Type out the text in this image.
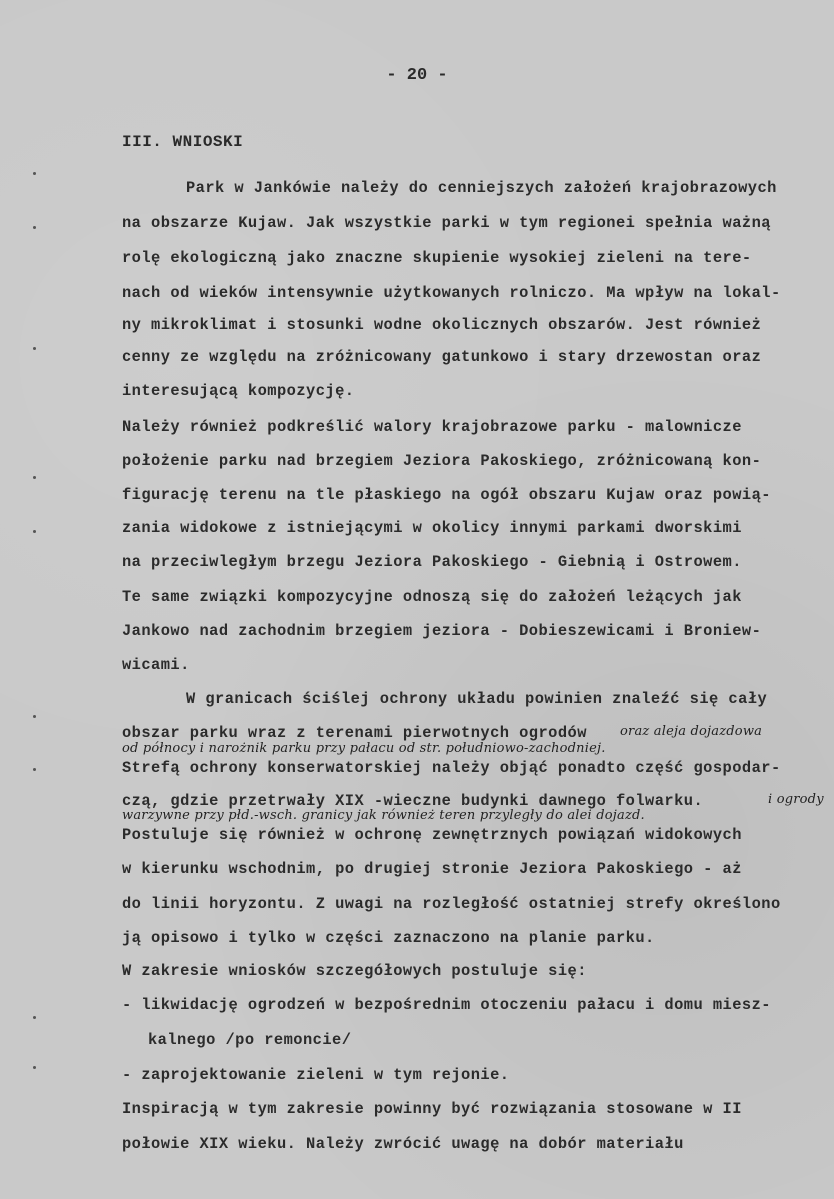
- 20 -
III. WNIOSKI
Park w Jankówie należy do cenniejszych założeń krajobrazowych
na obszarze Kujaw. Jak wszystkie parki w tym regionei spełnia ważną
rolę ekologiczną jako znaczne skupienie wysokiej zieleni na tere-
nach od wieków intensywnie użytkowanych rolniczo. Ma wpływ na lokal-
ny mikroklimat i stosunki wodne okolicznych obszarów. Jest również
cenny ze względu na zróżnicowany gatunkowo i stary drzewostan oraz
interesującą kompozycję.
Należy również podkreślić walory krajobrazowe parku - malownicze
położenie parku nad brzegiem Jeziora Pakoskiego, zróżnicowaną kon-
figurację terenu na tle płaskiego na ogół obszaru Kujaw oraz powią-
zania widokowe z istniejącymi w okolicy innymi parkami dworskimi
na przeciwległym brzegu Jeziora Pakoskiego - Giebnią i Ostrowem.
Te same związki kompozycyjne odnoszą się do założeń leżących jak
Jankowo nad zachodnim brzegiem jeziora - Dobieszewicami i Broniew-
wicami.
W granicach ściślej ochrony układu powinien znaleźć się cały
obszar parku wraz z terenami pierwotnych ogrodów	oraz aleja dojazdowa
od północy i narożnik parku przy pałacu od str. południowo-zachodniej.
Strefą ochrony konserwatorskiej należy objąć ponadto część gospodar-
czą, gdzie przetrwały XIX -wieczne budynki dawnego folwarku.	i ogrody
warzywne przy płd.-wsch. granicy jak również teren przyległy do alei dojazd.
Postuluje się również w ochronę zewnętrznych powiązań widokowych
w kierunku wschodnim, po drugiej stronie Jeziora Pakoskiego - aż
do linii horyzontu. Z uwagi na rozległość ostatniej strefy określono
ją opisowo i tylko w części zaznaczono na planie parku.
W zakresie wniosków szczegółowych postuluje się:
- likwidację ogrodzeń w bezpośrednim otoczeniu pałacu i domu miesz-
kalnego /po remoncie/
- zaprojektowanie zieleni w tym rejonie.
Inspiracją w tym zakresie powinny być rozwiązania stosowane w II
połowie XIX wieku. Należy zwrócić uwagę na dobór materiału
